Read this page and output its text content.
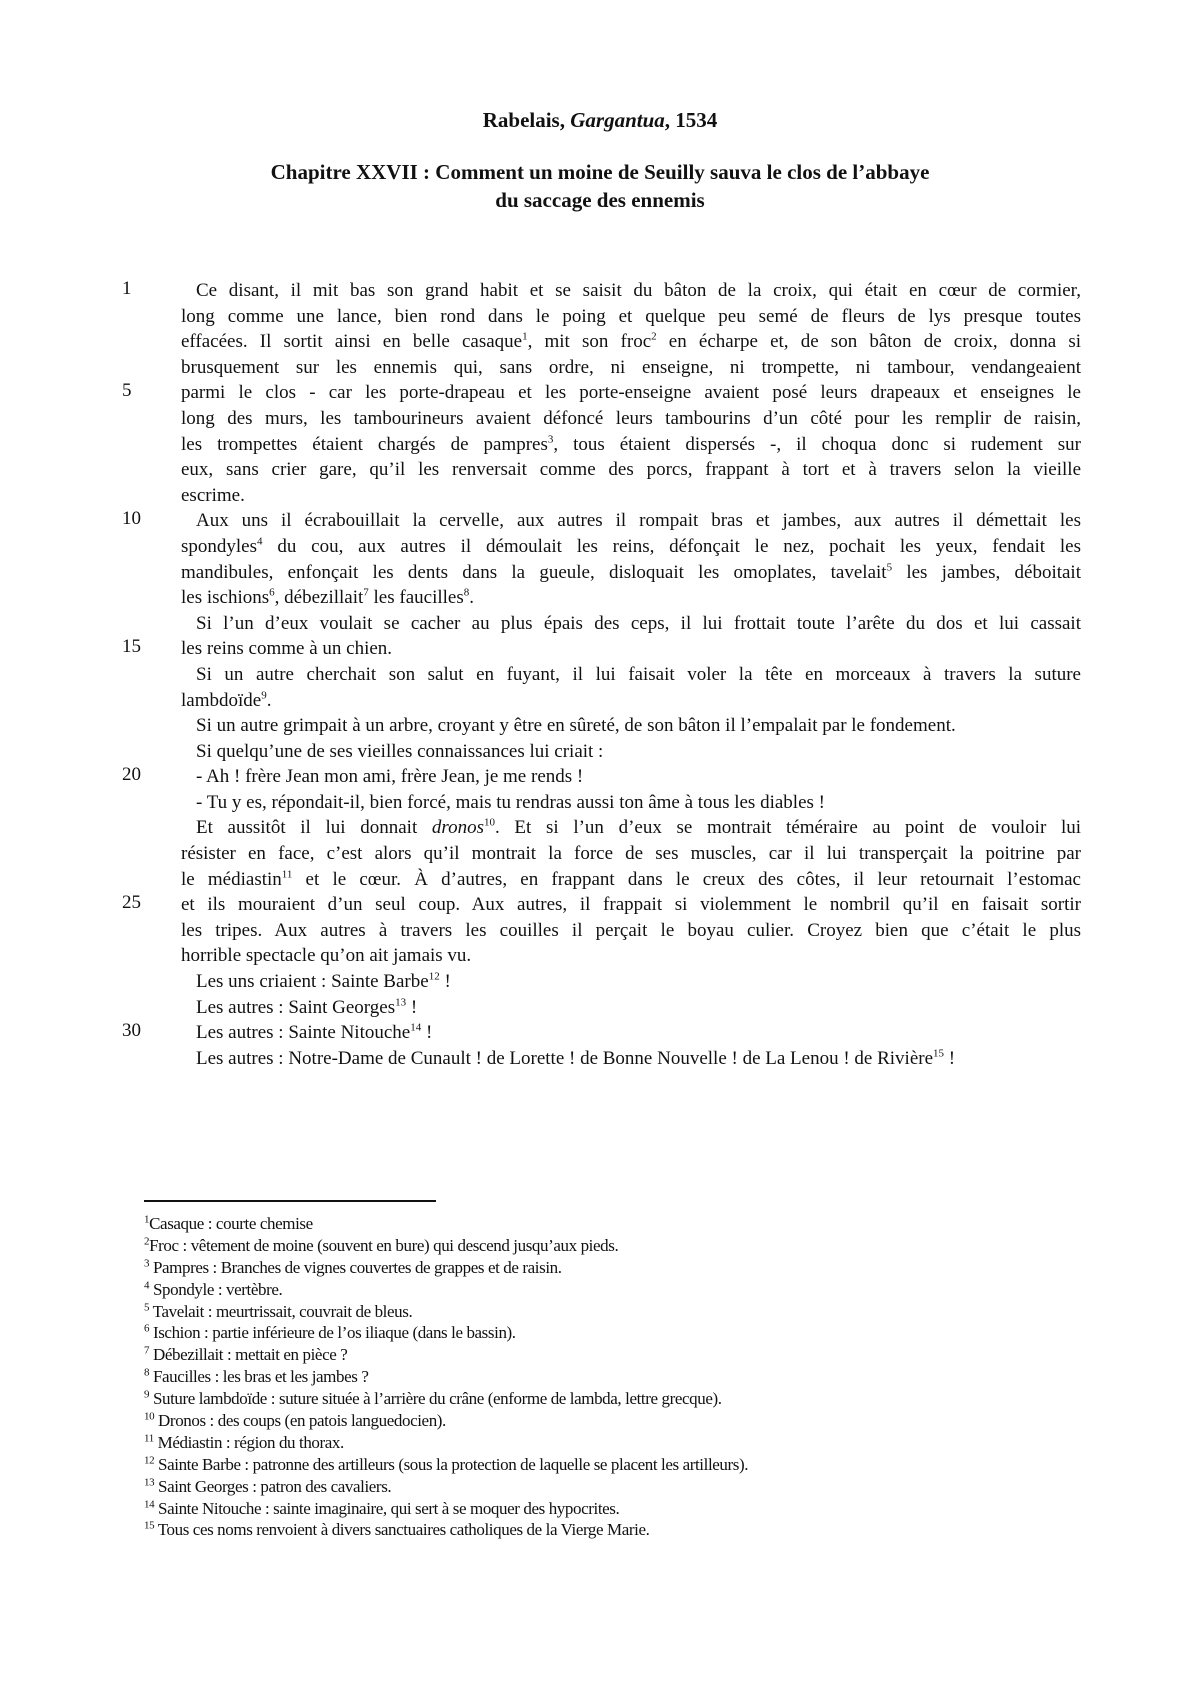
Rabelais, Gargantua, 1534
Chapitre XXVII : Comment un moine de Seuilly sauva le clos de l’abbaye
du saccage des ennemis
1
5
10
15
20
25
30
Ce disant, il mit bas son grand habit et se saisit du bâton de la croix, qui était en cœur de cormier,
long comme une lance, bien rond dans le poing et quelque peu semé de fleurs de lys presque toutes
effacées. Il sortit ainsi en belle casaque$^1$, mit son froc$^2$ en écharpe et, de son bâton de croix, donna si
brusquement sur les ennemis qui, sans ordre, ni enseigne, ni trompette, ni tambour, vendangeaient
parmi le clos - car les porte-drapeau et les porte-enseigne avaient posé leurs drapeaux et enseignes le
long des murs, les tambourineurs avaient défoncé leurs tambourins d’un côté pour les remplir de raisin,
les trompettes étaient chargés de pampres$^3$, tous étaient dispersés -, il choqua donc si rudement sur
eux, sans crier gare, qu’il les renversait comme des porcs, frappant à tort et à travers selon la vieille
escrime.
Aux uns il écrabouillait la cervelle, aux autres il rompait bras et jambes, aux autres il démettait les
spondyles$^4$ du cou, aux autres il démoulait les reins, défonçait le nez, pochait les yeux, fendait les
mandibules, enfonçait les dents dans la gueule, disloquait les omoplates, tavelait$^5$ les jambes, déboitait
les ischions$^6$, débezillait$^7$ les faucilles$^8$.
Si l’un d’eux voulait se cacher au plus épais des ceps, il lui frottait toute l’arête du dos et lui cassait
les reins comme à un chien.
Si un autre cherchait son salut en fuyant, il lui faisait voler la tête en morceaux à travers la suture
lambdoïde$^9$.
Si un autre grimpait à un arbre, croyant y être en sûreté, de son bâton il l’empalait par le fondement.
Si quelqu’une de ses vieilles connaissances lui criait :
- Ah ! frère Jean mon ami, frère Jean, je me rends !
- Tu y es, répondait-il, bien forcé, mais tu rendras aussi ton âme à tous les diables !
Et aussitôt il lui donnait dronos$^{10}$. Et si l’un d’eux se montrait téméraire au point de vouloir lui
résister en face, c’est alors qu’il montrait la force de ses muscles, car il lui transperçait la poitrine par
le médiastin$^{11}$ et le cœur. À d’autres, en frappant dans le creux des côtes, il leur retournait l’estomac
et ils mouraient d’un seul coup. Aux autres, il frappait si violemment le nombril qu’il en faisait sortir
les tripes. Aux autres à travers les couilles il perçait le boyau culier. Croyez bien que c’était le plus
horrible spectacle qu’on ait jamais vu.
Les uns criaient : Sainte Barbe$^{12}$ !
Les autres : Saint Georges$^{13}$ !
Les autres : Sainte Nitouche$^{14}$ !
Les autres : Notre-Dame de Cunault ! de Lorette ! de Bonne Nouvelle ! de La Lenou ! de Rivière$^{15}$ !
$^1$Casaque : courte chemise
$^2$Froc : vêtement de moine (souvent en bure) qui descend jusqu’aux pieds.
$^3$ Pampres : Branches de vignes couvertes de grappes et de raisin.
$^4$ Spondyle : vertèbre.
$^5$ Tavelait : meurtrissait, couvrait de bleus.
$^6$ Ischion : partie inférieure de l’os iliaque (dans le bassin).
$^7$ Débezillait : mettait en pièce ?
$^8$ Faucilles : les bras et les jambes ?
$^9$ Suture lambdoïde : suture située à l’arrière du crâne (enforme de lambda, lettre grecque).
$^{10}$ Dronos : des coups (en patois languedocien).
$^{11}$ Médiastin : région du thorax.
$^{12}$ Sainte Barbe : patronne des artilleurs (sous la protection de laquelle se placent les artilleurs).
$^{13}$ Saint Georges : patron des cavaliers.
$^{14}$ Sainte Nitouche : sainte imaginaire, qui sert à se moquer des hypocrites.
$^{15}$ Tous ces noms renvoient à divers sanctuaires catholiques de la Vierge Marie.
